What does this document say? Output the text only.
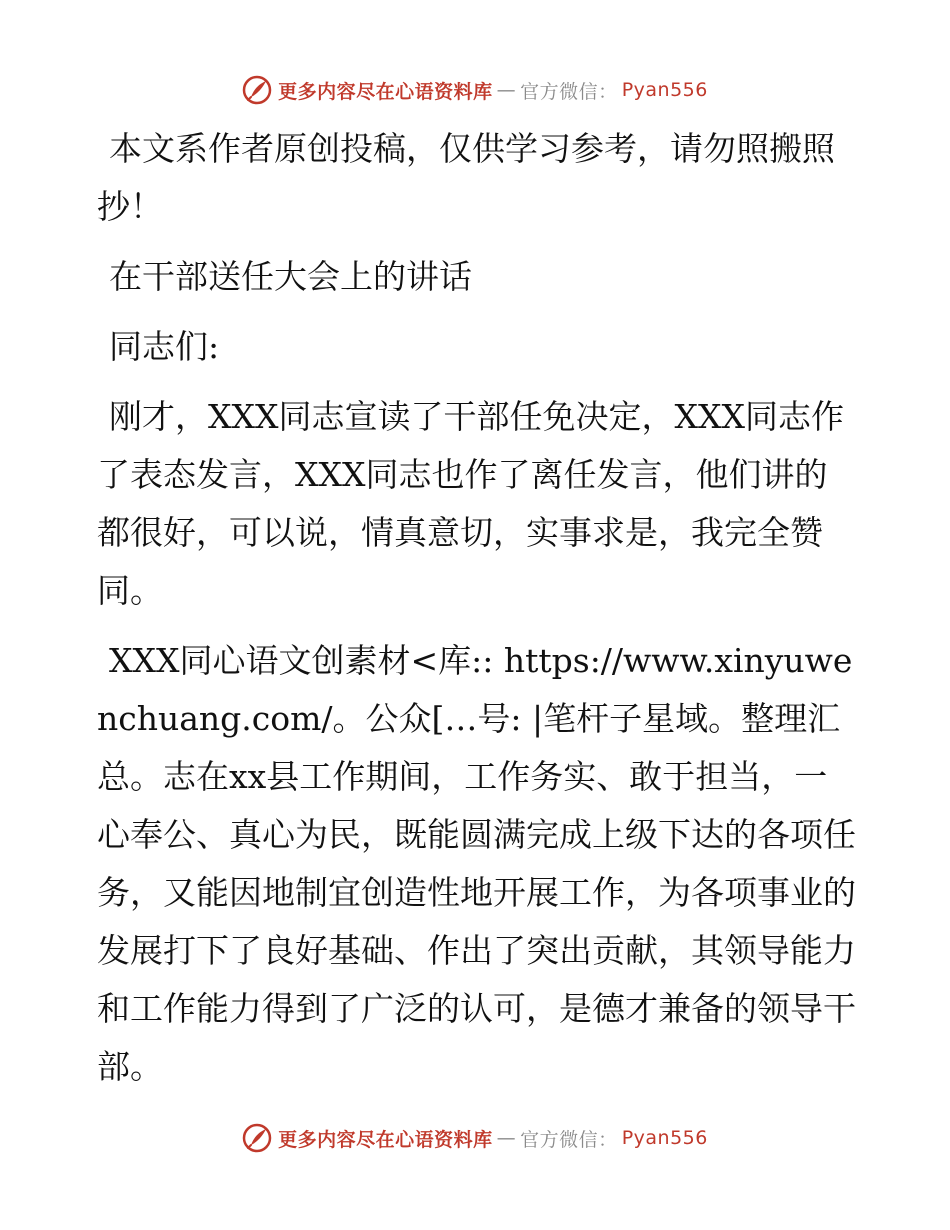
更多内容尽在心语资料库 — 官方微信： Pyan556

本文系作者原创投稿，仅供学习参考，请勿照搬照抄！

在干部送任大会上的讲话

同志们:

刚才，XXX同志宣读了干部任免决定，XXX同志作了表态发言，XXX同志也作了离任发言，他们讲的都很好，可以说，情真意切，实事求是，我完全赞同。

XXX同心语文创素材<库:: https://www.xinyuwenchuang.com/。公众[…号: |笔杆子星域。整理汇总。志在xx县工作期间，工作务实、敢于担当，一心奉公、真心为民，既能圆满完成上级下达的各项任务，又能因地制宜创造性地开展工作，为各项事业的发展打下了良好基础、作出了突出贡献，其领导能力和工作能力得到了广泛的认可，是德才兼备的领导干部。

更多内容尽在心语资料库 — 官方微信： Pyan556
